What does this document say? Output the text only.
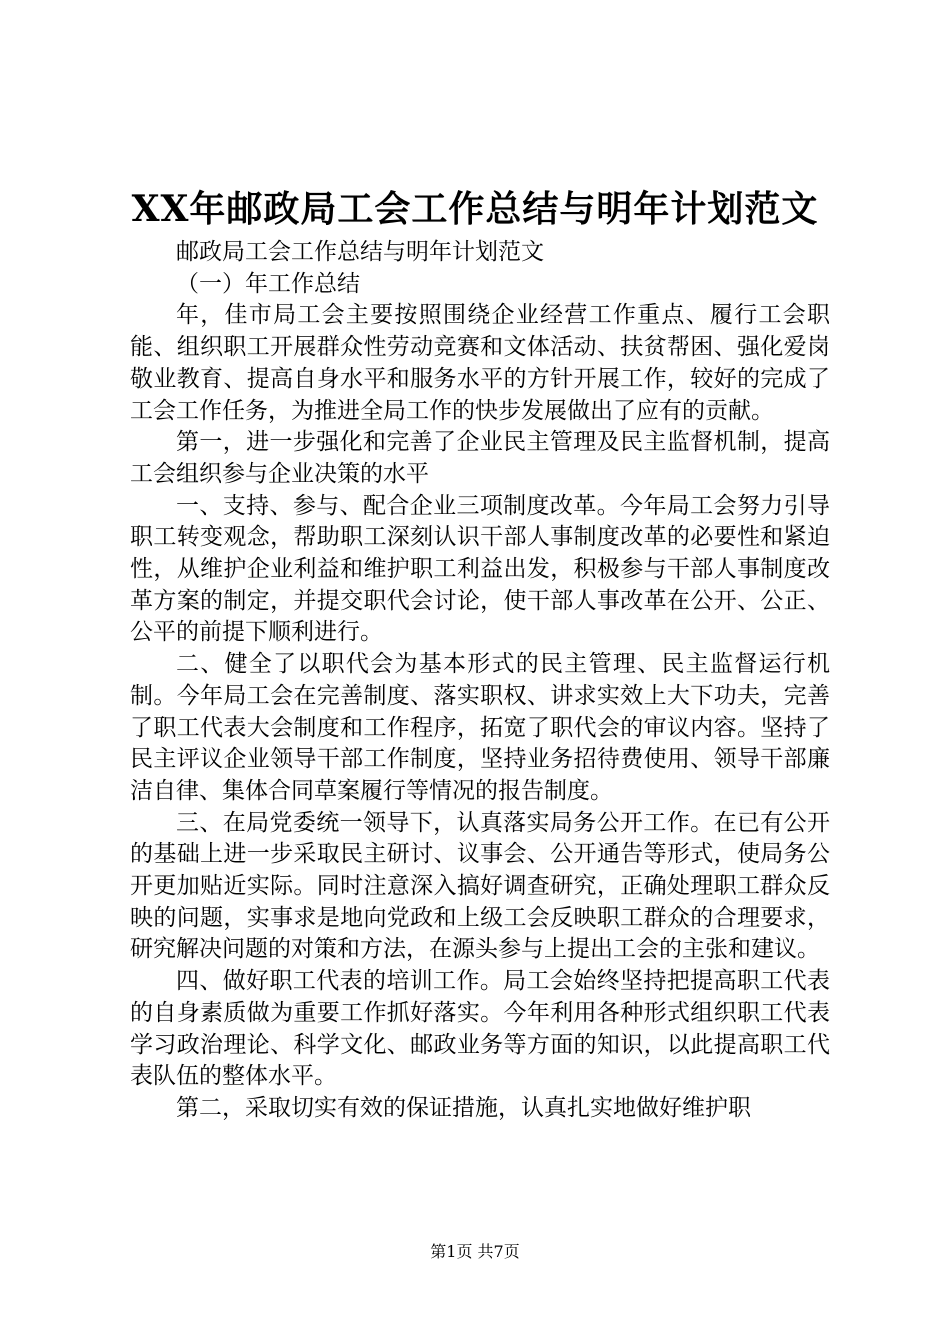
XX年邮政局工会工作总结与明年计划范文

邮政局工会工作总结与明年计划范文

（一）年工作总结

年，佳市局工会主要按照围绕企业经营工作重点、履行工会职能、组织职工开展群众性劳动竞赛和文体活动、扶贫帮困、强化爱岗敬业教育、提高自身水平和服务水平的方针开展工作，较好的完成了工会工作任务，为推进全局工作的快步发展做出了应有的贡献。

第一，进一步强化和完善了企业民主管理及民主监督机制，提高工会组织参与企业决策的水平

一、支持、参与、配合企业三项制度改革。今年局工会努力引导职工转变观念，帮助职工深刻认识干部人事制度改革的必要性和紧迫性，从维护企业利益和维护职工利益出发，积极参与干部人事制度改革方案的制定，并提交职代会讨论，使干部人事改革在公开、公正、公平的前提下顺利进行。

二、健全了以职代会为基本形式的民主管理、民主监督运行机制。今年局工会在完善制度、落实职权、讲求实效上大下功夫，完善了职工代表大会制度和工作程序，拓宽了职代会的审议内容。坚持了民主评议企业领导干部工作制度，坚持业务招待费使用、领导干部廉洁自律、集体合同草案履行等情况的报告制度。

三、在局党委统一领导下，认真落实局务公开工作。在已有公开的基础上进一步采取民主研讨、议事会、公开通告等形式，使局务公开更加贴近实际。同时注意深入搞好调查研究，正确处理职工群众反映的问题，实事求是地向党政和上级工会反映职工群众的合理要求，研究解决问题的对策和方法，在源头参与上提出工会的主张和建议。

四、做好职工代表的培训工作。局工会始终坚持把提高职工代表的自身素质做为重要工作抓好落实。今年利用各种形式组织职工代表学习政治理论、科学文化、邮政业务等方面的知识，以此提高职工代表队伍的整体水平。

第二，采取切实有效的保证措施，认真扎实地做好维护职

第1页 共7页
